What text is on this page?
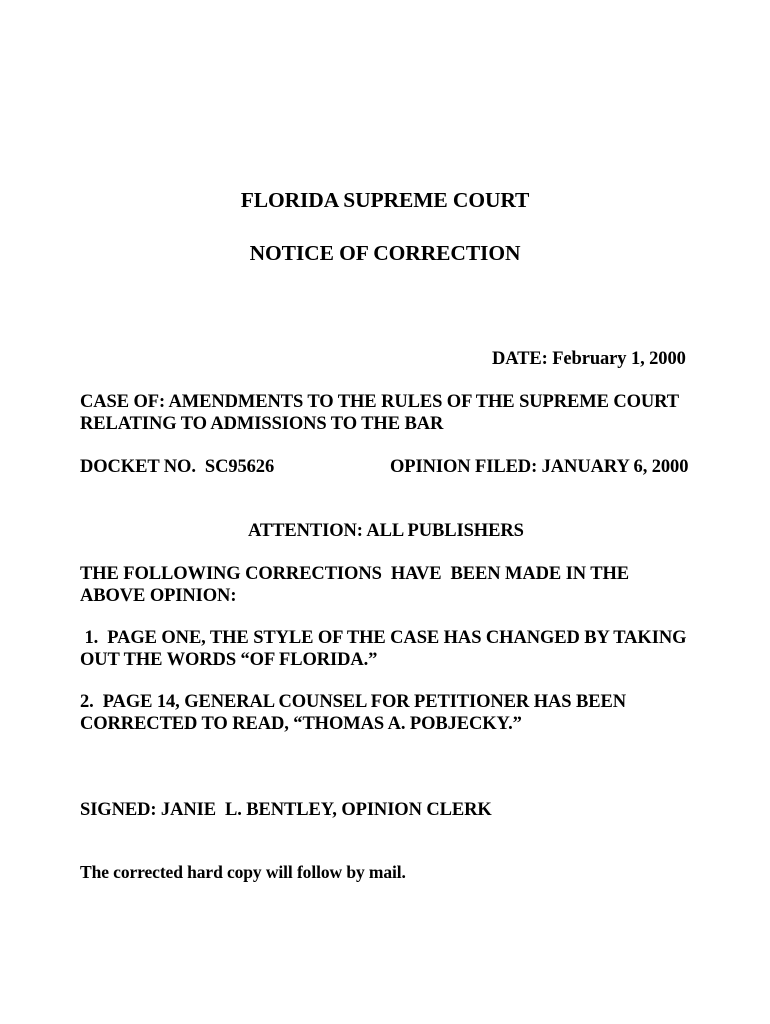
FLORIDA SUPREME COURT
NOTICE OF CORRECTION

DATE: February 1, 2000

CASE OF: AMENDMENTS TO THE RULES OF THE SUPREME COURT

RELATING TO ADMISSIONS TO THE BAR

DOCKET NO.  SC95626	OPINION FILED: JANUARY 6, 2000

ATTENTION: ALL PUBLISHERS

THE FOLLOWING CORRECTIONS  HAVE  BEEN MADE IN THE

ABOVE OPINION:

1.  PAGE ONE, THE STYLE OF THE CASE HAS CHANGED BY TAKING

OUT THE WORDS “OF FLORIDA.”

2.  PAGE 14, GENERAL COUNSEL FOR PETITIONER HAS BEEN

CORRECTED TO READ, “THOMAS A. POBJECKY.”

SIGNED: JANIE  L. BENTLEY, OPINION CLERK

The corrected hard copy will follow by mail.
